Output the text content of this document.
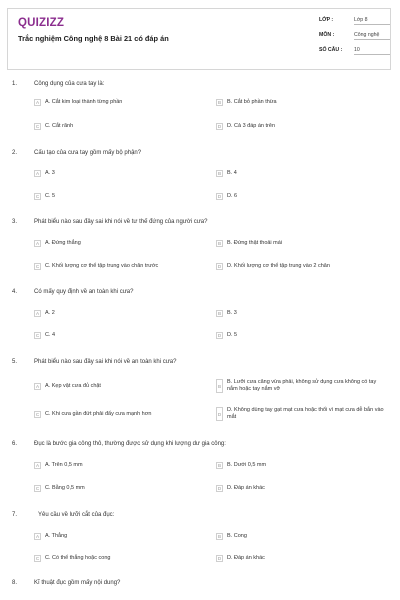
QUIZIZZ
Trắc nghiệm Công nghệ 8 Bài 21 có đáp án
LỚP :	Lớp 8
MÔN :	Công nghệ
SỐ CÂU : 10
1.	Công dụng của cưa tay là:
A	A. Cắt kim loại thành từng phần	B	B. Cắt bỏ phần thừa
C	C. Cắt rãnh	D	D. Cả 3 đáp án trên
2.	Cấu tạo của cưa tay gồm mấy bộ phận?
A	A. 3	B	B. 4
C	C. 5	D	D. 6
3.	Phát biểu nào sau đây sai khi nói về tư thế đứng của người cưa?
A	A. Đứng thẳng	B	B. Đứng thật thoải mái
C	C. Khối lượng cơ thể tập trung vào chân trước	D	D. Khối lượng cơ thể tập trung vào 2 chân
4.	Có mấy quy định về an toàn khi cưa?
A	A. 2	B	B. 3
C	C. 4	D	D. 5
5.	Phát biểu nào sau đây sai khi nói về an toàn khi cưa?
A	A. Kẹp vật cưa đủ chặt	B
B. Lưỡi cưa căng vừa phải, không sử dụng cưa không có tay nắm hoặc tay nắm vỡ
C	C. Khi cưa gần đứt phải đẩy cưa mạnh hơn	D
D. Không dùng tay gạt mạt cưa hoặc thổi vì mạt cưa dễ bắn vào mắt
6.	Đục là bước gia công thô, thường được sử dụng khi lượng dư gia công:
A	A. Trên 0,5 mm	B	B. Dưới 0,5 mm
C	C. Bằng 0,5 mm	D	D. Đáp án khác
7.	Yêu cầu về lưỡi cắt của đục:
A	A. Thẳng	B	B. Cong
C	C. Có thể thẳng hoặc cong	D	D. Đáp án khác
8.	Kĩ thuật đục gồm mấy nội dung?
